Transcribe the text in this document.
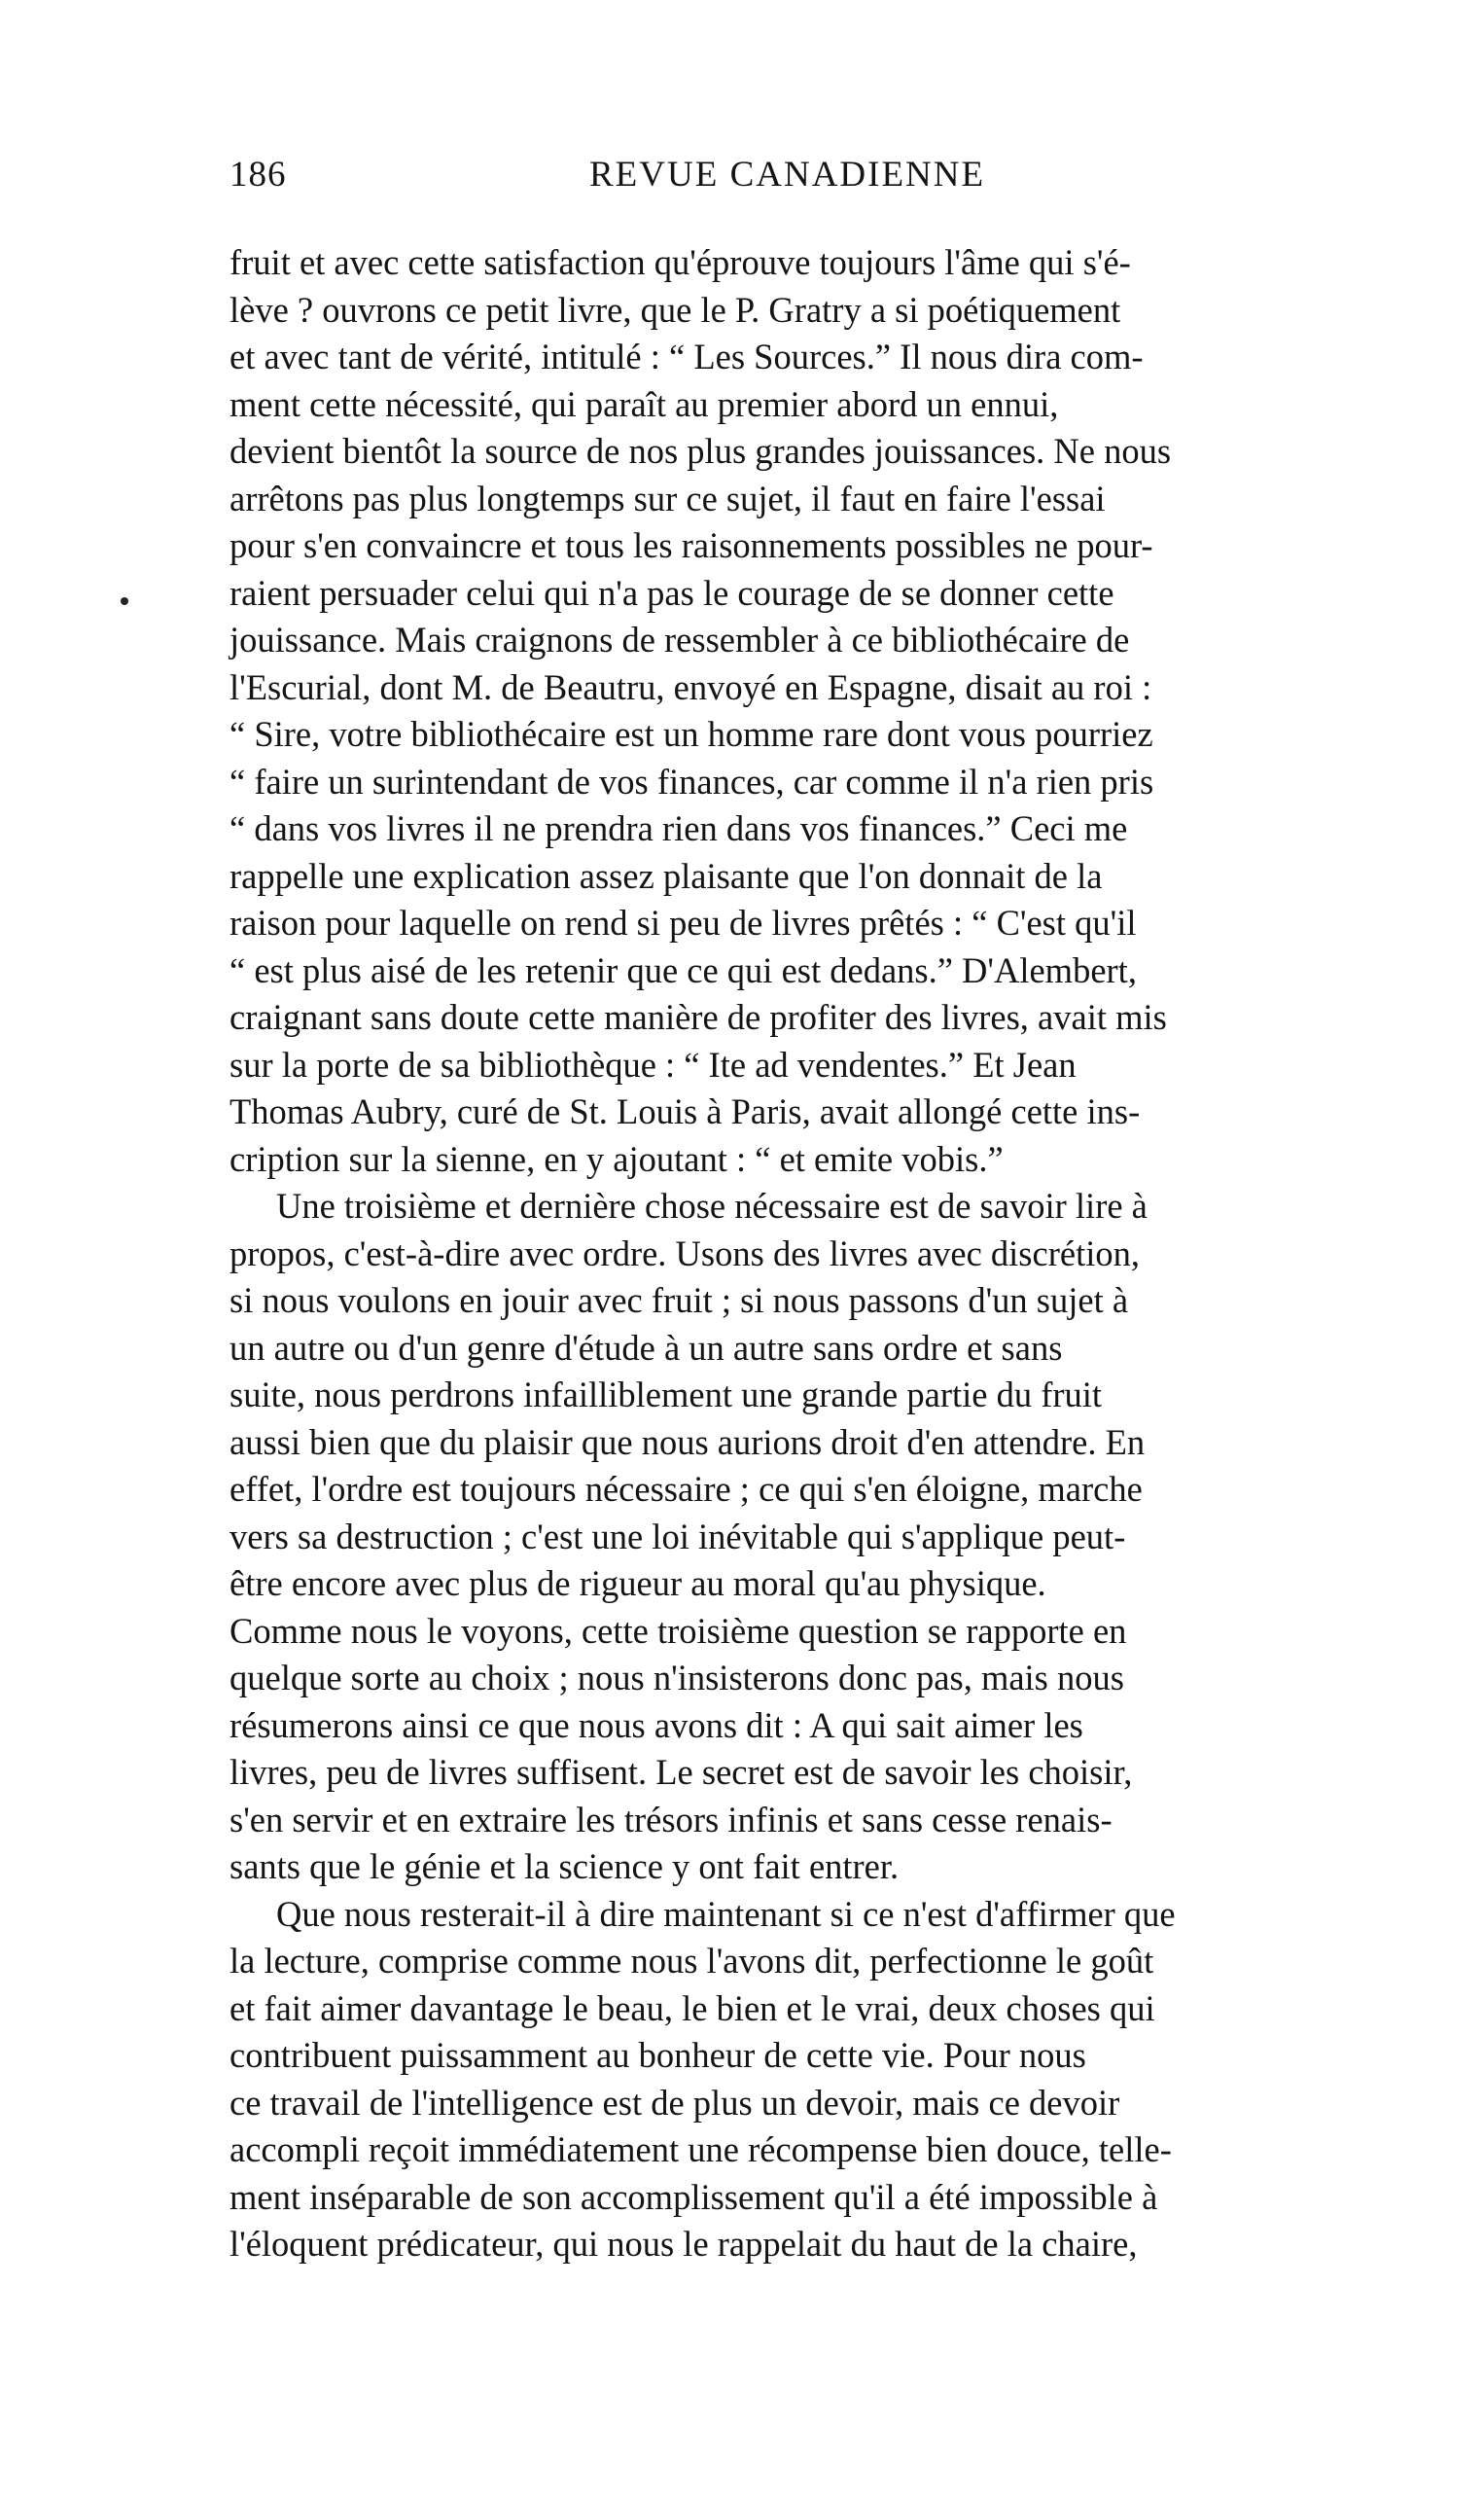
186	REVUE CANADIENNE
fruit et avec cette satisfaction qu'éprouve toujours l'âme qui s'é-
lève ? ouvrons ce petit livre, que le P. Gratry a si poétiquement
et avec tant de vérité, intitulé : “ Les Sources.” Il nous dira com-
ment cette nécessité, qui paraît au premier abord un ennui,
devient bientôt la source de nos plus grandes jouissances. Ne nous
arrêtons pas plus longtemps sur ce sujet, il faut en faire l'essai
pour s'en convaincre et tous les raisonnements possibles ne pour-
raient persuader celui qui n'a pas le courage de se donner cette
jouissance. Mais craignons de ressembler à ce bibliothécaire de
l'Escurial, dont M. de Beautru, envoyé en Espagne, disait au roi :
“ Sire, votre bibliothécaire est un homme rare dont vous pourriez
“ faire un surintendant de vos finances, car comme il n'a rien pris
“ dans vos livres il ne prendra rien dans vos finances.” Ceci me
rappelle une explication assez plaisante que l'on donnait de la
raison pour laquelle on rend si peu de livres prêtés : “ C'est qu'il
“ est plus aisé de les retenir que ce qui est dedans.” D'Alembert,
craignant sans doute cette manière de profiter des livres, avait mis
sur la porte de sa bibliothèque : “ Ite ad vendentes.” Et Jean
Thomas Aubry, curé de St. Louis à Paris, avait allongé cette ins-
cription sur la sienne, en y ajoutant : “ et emite vobis.”
Une troisième et dernière chose nécessaire est de savoir lire à
propos, c'est-à-dire avec ordre. Usons des livres avec discrétion,
si nous voulons en jouir avec fruit ; si nous passons d'un sujet à
un autre ou d'un genre d'étude à un autre sans ordre et sans
suite, nous perdrons infailliblement une grande partie du fruit
aussi bien que du plaisir que nous aurions droit d'en attendre. En
effet, l'ordre est toujours nécessaire ; ce qui s'en éloigne, marche
vers sa destruction ; c'est une loi inévitable qui s'applique peut-
être encore avec plus de rigueur au moral qu'au physique.
Comme nous le voyons, cette troisième question se rapporte en
quelque sorte au choix ; nous n'insisterons donc pas, mais nous
résumerons ainsi ce que nous avons dit : A qui sait aimer les
livres, peu de livres suffisent. Le secret est de savoir les choisir,
s'en servir et en extraire les trésors infinis et sans cesse renais-
sants que le génie et la science y ont fait entrer.
Que nous resterait-il à dire maintenant si ce n'est d'affirmer que
la lecture, comprise comme nous l'avons dit, perfectionne le goût
et fait aimer davantage le beau, le bien et le vrai, deux choses qui
contribuent puissamment au bonheur de cette vie. Pour nous
ce travail de l'intelligence est de plus un devoir, mais ce devoir
accompli reçoit immédiatement une récompense bien douce, telle-
ment inséparable de son accomplissement qu'il a été impossible à
l'éloquent prédicateur, qui nous le rappelait du haut de la chaire,
